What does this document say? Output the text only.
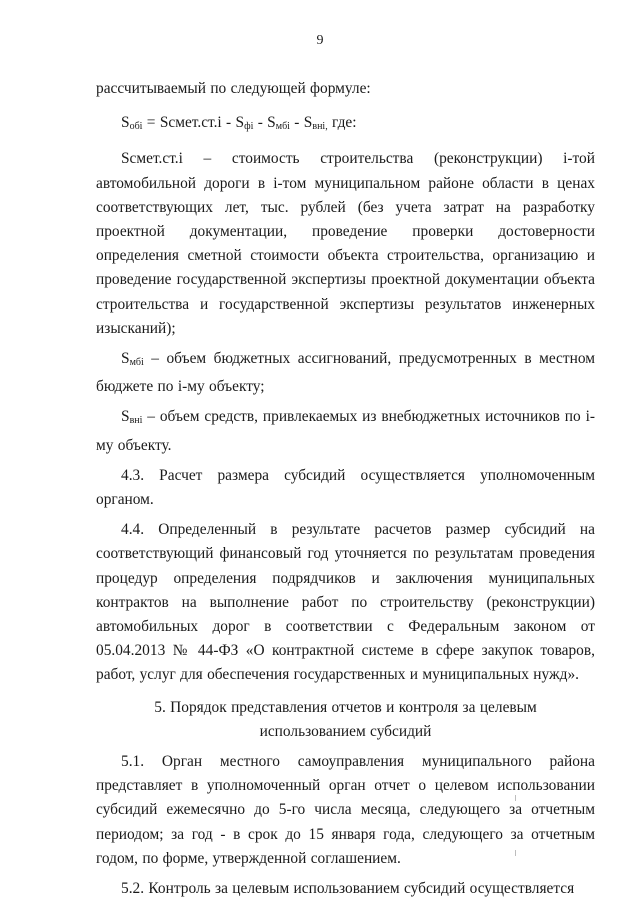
9

рассчитываемый по следующей формуле:

$S_{обi}$ = Scмет.ст.i - $S_{фi} - S_{мбi} - S_{внi,}$ где:

Scмет.ст.i – стоимость строительства (реконструкции) i-той автомобильной дороги в i-том муниципальном районе области в ценах соответствующих лет, тыс. рублей (без учета затрат на разработку проектной документации, проведение проверки достоверности определения сметной стоимости объекта строительства, организацию и проведение государственной экспертизы проектной документации объекта строительства и государственной экспертизы результатов инженерных изысканий);

$S_{мбi}$ – объем бюджетных ассигнований, предусмотренных в местном бюджете по i-му объекту;

$S_{внi}$ – объем средств, привлекаемых из внебюджетных источников по i-му объекту.

4.3. Расчет размера субсидий осуществляется уполномоченным органом.

4.4. Определенный в результате расчетов размер субсидий на соответствующий финансовый год уточняется по результатам проведения процедур определения подрядчиков и заключения муниципальных контрактов на выполнение работ по строительству (реконструкции) автомобильных дорог в соответствии с Федеральным законом от 05.04.2013 № 44-ФЗ «О контрактной системе в сфере закупок товаров, работ, услуг для обеспечения государственных и муниципальных нужд».

5. Порядок представления отчетов и контроля за целевым

использованием субсидий

5.1. Орган местного самоуправления муниципального района представляет в уполномоченный орган отчет о целевом использовании субсидий ежемесячно до 5-го числа месяца, следующего за отчетным периодом; за год - в срок до 15 января года, следующего за отчетным годом, по форме, утвержденной соглашением.

5.2. Контроль за целевым использованием субсидий осуществляется
